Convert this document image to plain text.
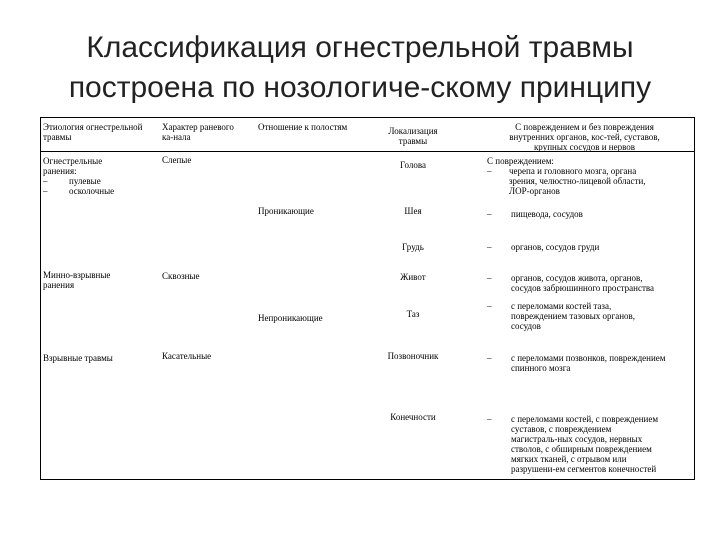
Классификация огнестрельной травмы
построена по нозологиче-скому принципу
Этиология огнестрельной
травмы
Характер раневого
ка-нала
Отношение к полостям	Локализация
травмы
С повреждением и без повреждения
внутренних органов, кос-тей, суставов,
крупных сосудов и нервов
Огнестрельные
ранения:
– пулевые
– осколочные
Минно-взрывные
ранения
Взрывные травмы
Слепые
Сквозные
Касательные
Проникающие
Непроникающие
Голова
Шея
Грудь
Живот
Таз
Позвоночник
Конечности
С повреждением:
– черепа и головного мозга, органа
зрения, челюстно-лицевой области,
ЛОР-органов
– пищевода, сосудов
– органов, сосудов груди
– органов, сосудов живота, органов,
сосудов забрюшинного пространства
– с переломами костей таза,
повреждением тазовых органов,
сосудов
– с переломами позвонков, повреждением
спинного мозга
– с переломами костей, с повреждением
суставов, с повреждением
магистраль-ных сосудов, нервных
стволов, с обширным повреждением
мягких тканей, с отрывом или
разрушени-ем сегментов конечностей
